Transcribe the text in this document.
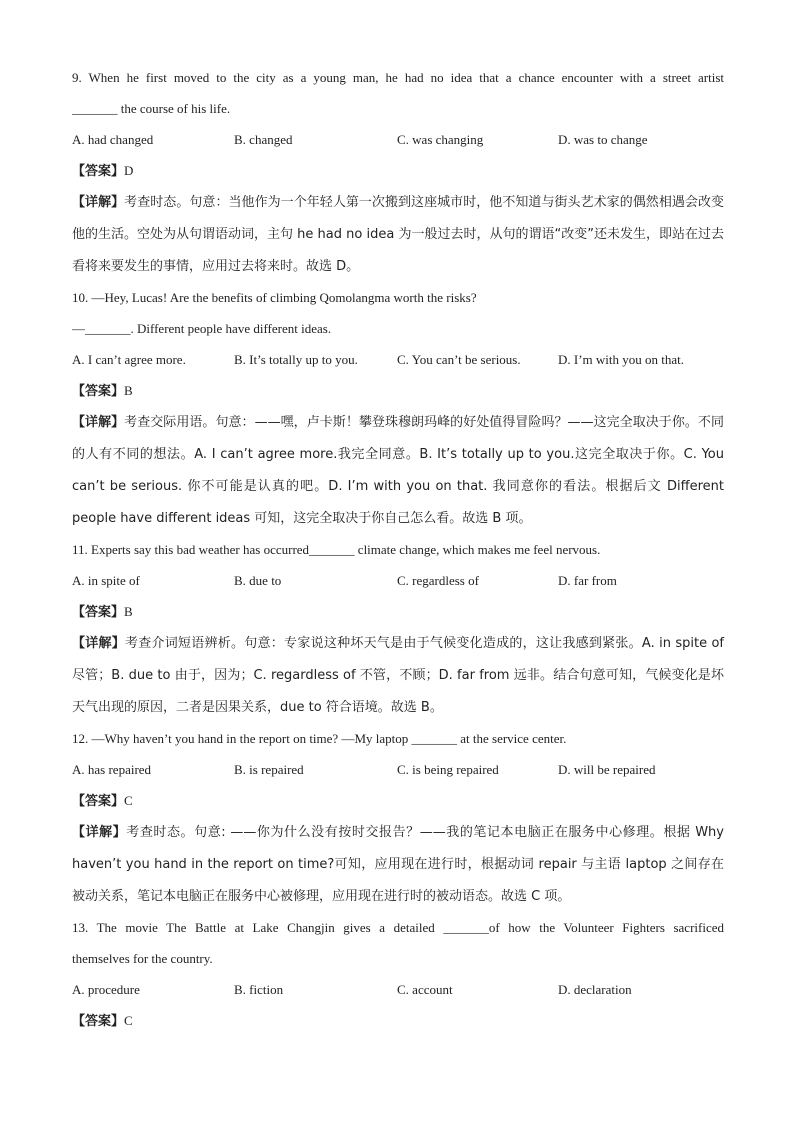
9. When he first moved to the city as a young man, he had no idea that a chance encounter with a street artist
_______ the course of his life.
A. had changed	B. changed	C. was changing	D. was to change
【答案】D
【详解】考查时态。句意：当他作为一个年轻人第一次搬到这座城市时，他不知道与街头艺术家的偶然相遇会改变他的生活。空处为从句谓语动词，主句 he had no idea 为一般过去时，从句的谓语“改变”还未发生，即站在过去看将来要发生的事情，应用过去将来时。故选 D。
10. —Hey, Lucas! Are the benefits of climbing Qomolangma worth the risks?
—_______. Different people have different ideas.
A. I can’t agree more.	B. It’s totally up to you.	C. You can’t be serious.	D. I’m with you on that.
【答案】B
【详解】考查交际用语。句意：——嘿，卢卡斯！攀登珠穆朗玛峰的好处值得冒险吗？——这完全取决于你。不同的人有不同的想法。A. I can’t agree more.我完全同意。B. It’s totally up to you.这完全取决于你。C. You can’t be serious. 你不可能是认真的吧。D. I’m with you on that. 我同意你的看法。根据后文 Different people have different ideas 可知，这完全取决于你自己怎么看。故选 B 项。
11. Experts say this bad weather has occurred_______ climate change, which makes me feel nervous.
A. in spite of	B. due to	C. regardless of	D. far from
【答案】B
【详解】考查介词短语辨析。句意：专家说这种坏天气是由于气候变化造成的，这让我感到紧张。A. in spite of 尽管；B. due to 由于，因为；C. regardless of 不管，不顾；D. far from 远非。结合句意可知，气候变化是坏天气出现的原因，二者是因果关系，due to 符合语境。故选 B。
12. —Why haven’t you hand in the report on time? —My laptop _______ at the service center.
A. has repaired	B. is repaired	C. is being repaired	D. will be repaired
【答案】C
【详解】考查时态。句意: ——你为什么没有按时交报告？——我的笔记本电脑正在服务中心修理。根据 Why haven’t you hand in the report on time?可知，应用现在进行时，根据动词 repair 与主语 laptop 之间存在被动关系，笔记本电脑正在服务中心被修理，应用现在进行时的被动语态。故选 C 项。
13. The movie The Battle at Lake Changjin gives a detailed _______of how the Volunteer Fighters sacrificed
themselves for the country.
A. procedure	B. fiction	C. account	D. declaration
【答案】C
